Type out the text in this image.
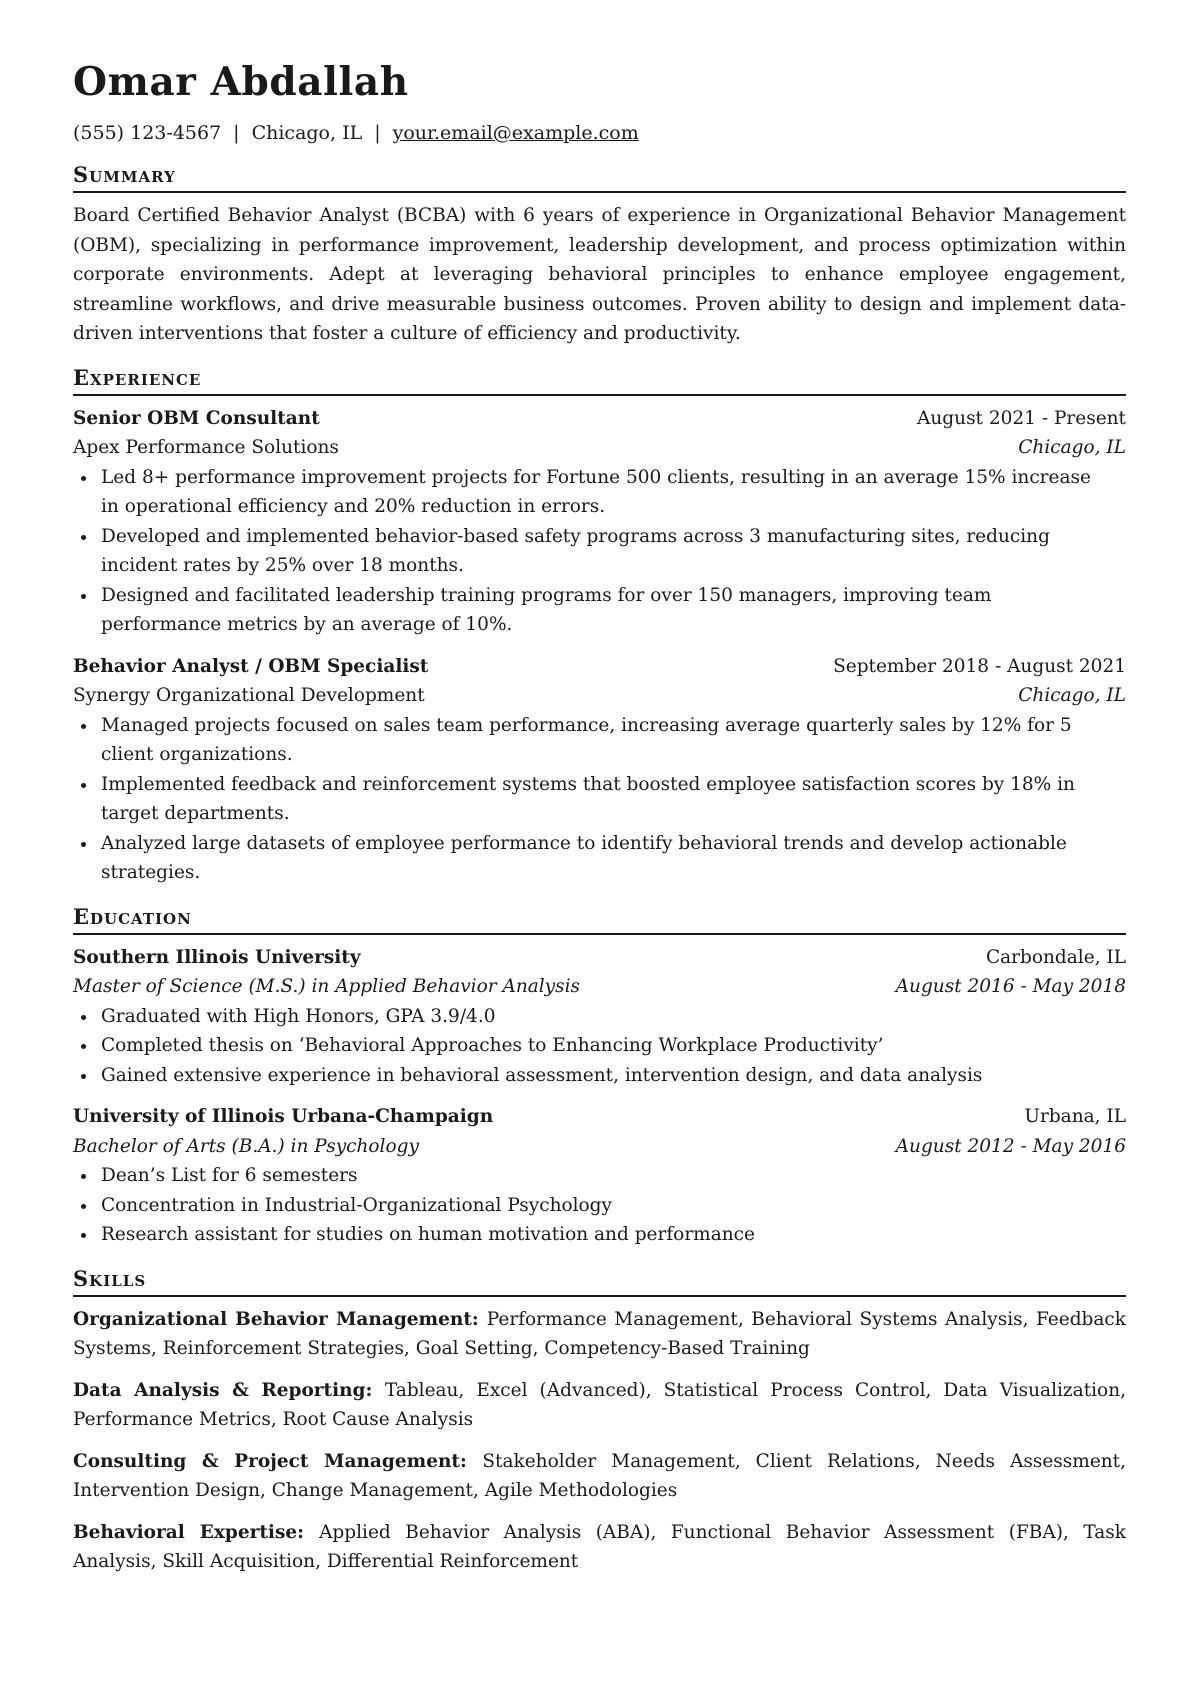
Omar Abdallah
(555) 123-4567 | Chicago, IL | your.email@example.com
Summary

Board Certified Behavior Analyst (BCBA) with 6 years of experience in Organizational Behavior Management (OBM), specializing in performance improvement, leadership development, and process optimization within corporate environments. Adept at leveraging behavioral principles to enhance employee engagement, streamline workflows, and drive measurable business outcomes. Proven ability to design and implement data-driven interventions that foster a culture of efficiency and productivity.

Experience
Senior OBM Consultant	August 2021 - Present
Apex Performance Solutions	Chicago, IL
Led 8+ performance improvement projects for Fortune 500 clients, resulting in an average 15% increase in operational efficiency and 20% reduction in errors.
Developed and implemented behavior-based safety programs across 3 manufacturing sites, reducing incident rates by 25% over 18 months.
Designed and facilitated leadership training programs for over 150 managers, improving team performance metrics by an average of 10%.
Behavior Analyst / OBM Specialist	September 2018 - August 2021
Synergy Organizational Development	Chicago, IL
Managed projects focused on sales team performance, increasing average quarterly sales by 12% for 5 client organizations.
Implemented feedback and reinforcement systems that boosted employee satisfaction scores by 18% in target departments.
Analyzed large datasets of employee performance to identify behavioral trends and develop actionable strategies.
Education
Southern Illinois University	Carbondale, IL
Master of Science (M.S.) in Applied Behavior Analysis	August 2016 - May 2018
Graduated with High Honors, GPA 3.9/4.0
Completed thesis on ‘Behavioral Approaches to Enhancing Workplace Productivity’
Gained extensive experience in behavioral assessment, intervention design, and data analysis
University of Illinois Urbana-Champaign	Urbana, IL
Bachelor of Arts (B.A.) in Psychology	August 2012 - May 2016
Dean’s List for 6 semesters
Concentration in Industrial-Organizational Psychology
Research assistant for studies on human motivation and performance
Skills
Organizational Behavior Management: Performance Management, Behavioral Systems Analysis, Feedback Systems, Reinforcement Strategies, Goal Setting, Competency-Based Training
Data Analysis & Reporting: Tableau, Excel (Advanced), Statistical Process Control, Data Visualization, Performance Metrics, Root Cause Analysis
Consulting & Project Management: Stakeholder Management, Client Relations, Needs Assessment, Intervention Design, Change Management, Agile Methodologies
Behavioral Expertise: Applied Behavior Analysis (ABA), Functional Behavior Assessment (FBA), Task Analysis, Skill Acquisition, Differential Reinforcement
